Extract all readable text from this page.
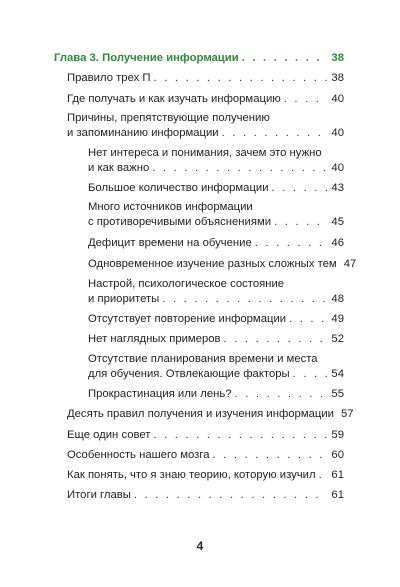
Глава 3. Получение информации . . .	38
Правило трех П . . .	38
Где получать и как изучать информацию . . .	40
Причины, препятствующие получению
и запоминанию информации . . .	40
Нет интереса и понимания, зачем это нужно
и как важно . . .	40
Большое количество информации . . .	43
Много источников информации
с противоречивыми объяснениями . . .	45
Дефицит времени на обучение . . .	46
Одновременное изучение разных сложных тем 47
Настрой, психологическое состояние
и приоритеты . . .	48
Отсутствует повторение информации . . .	49
Нет наглядных примеров . . .	52
Отсутствие планирования времени и места
для обучения. Отвлекающие факторы . . .	54
Прокрастинация или лень? . . .	55
Десять правил получения и изучения информации 57
Еще один совет . . .	59
Особенность нашего мозга . . .	60
Как понять, что я знаю теорию, которую изучил . . . 61
Итоги главы . . .	61
4
